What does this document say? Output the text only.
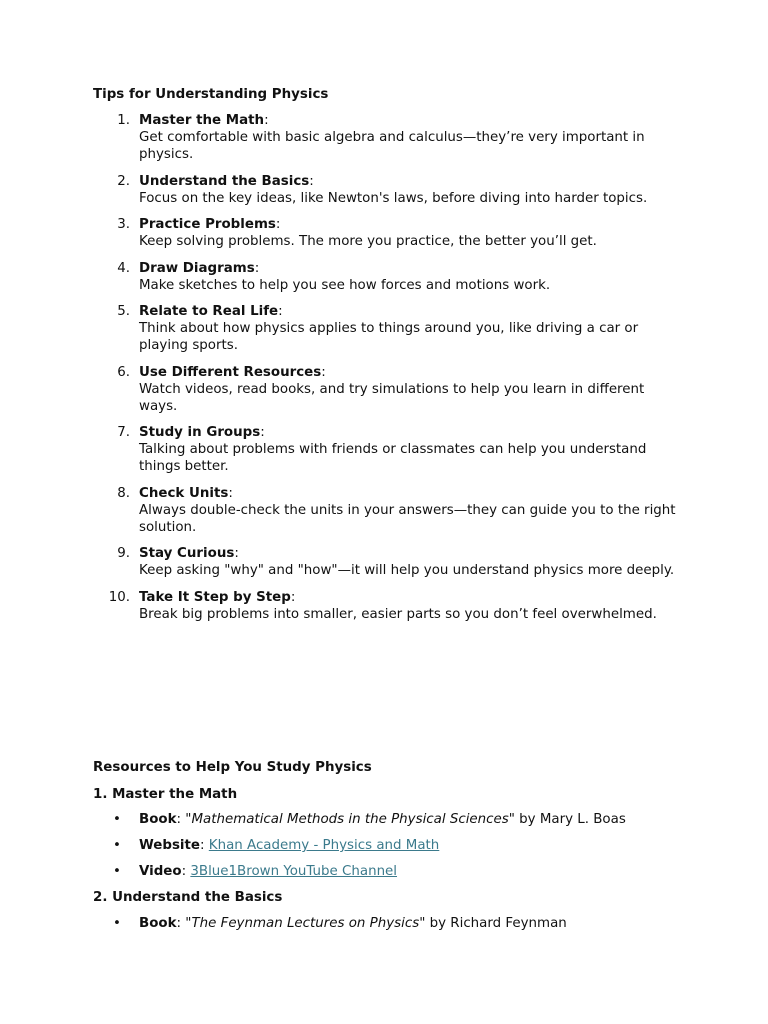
Tips for Understanding Physics

1. Master the Math:
Get comfortable with basic algebra and calculus—they’re very important in physics.
2. Understand the Basics:
Focus on the key ideas, like Newton's laws, before diving into harder topics.
3. Practice Problems:
Keep solving problems. The more you practice, the better you’ll get.
4. Draw Diagrams:
Make sketches to help you see how forces and motions work.
5. Relate to Real Life:
Think about how physics applies to things around you, like driving a car or playing sports.
6. Use Different Resources:
Watch videos, read books, and try simulations to help you learn in different ways.
7. Study in Groups:
Talking about problems with friends or classmates can help you understand things better.
8. Check Units:
Always double-check the units in your answers—they can guide you to the right solution.
9. Stay Curious:
Keep asking "why" and "how"—it will help you understand physics more deeply.
10. Take It Step by Step:
Break big problems into smaller, easier parts so you don’t feel overwhelmed.

Resources to Help You Study Physics

1. Master the Math
• Book: "Mathematical Methods in the Physical Sciences" by Mary L. Boas
• Website: Khan Academy - Physics and Math
• Video: 3Blue1Brown YouTube Channel
2. Understand the Basics
• Book: "The Feynman Lectures on Physics" by Richard Feynman
